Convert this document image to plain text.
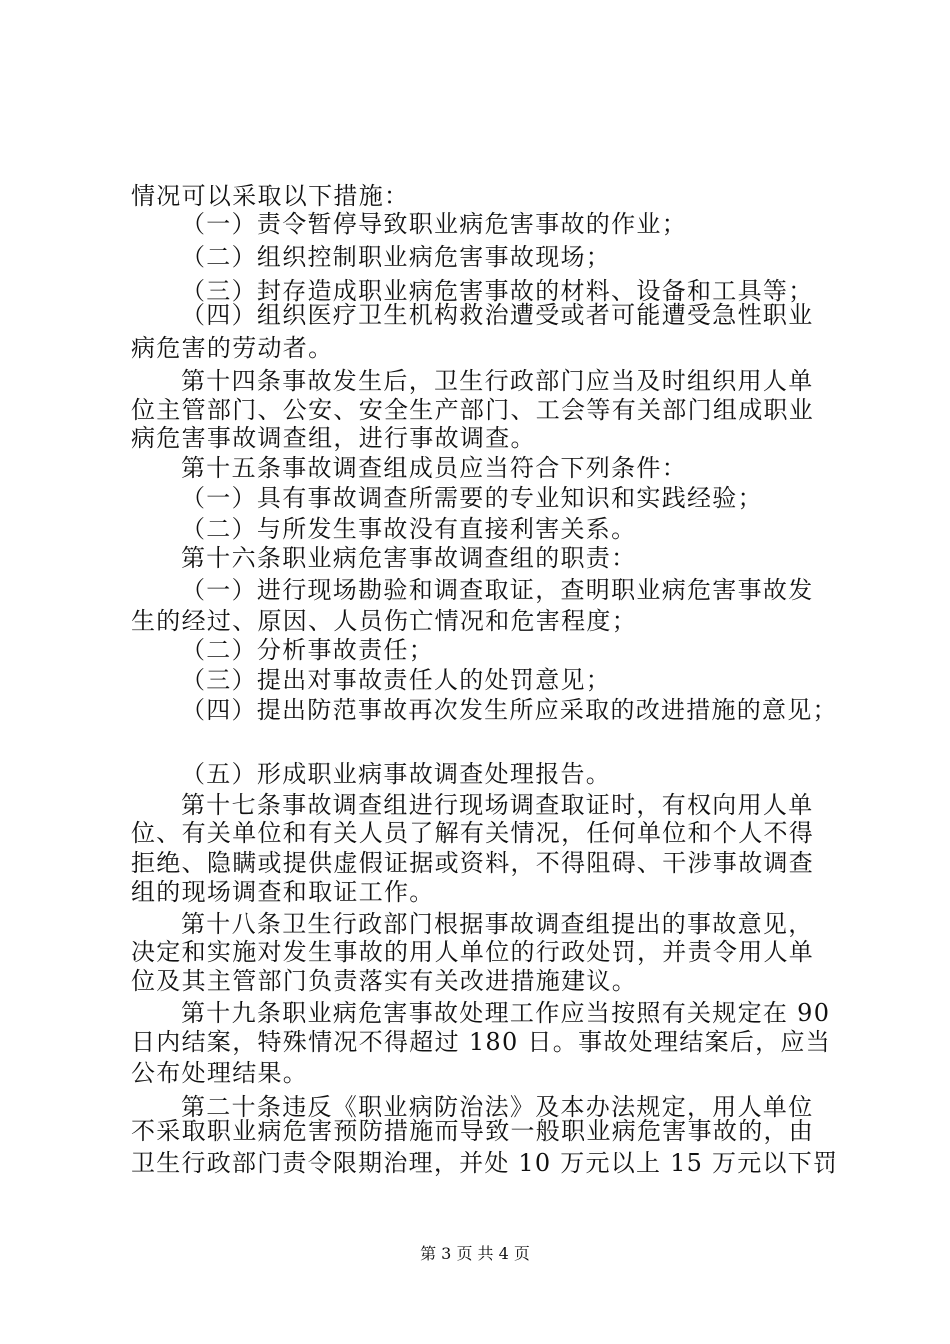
情况可以采取以下措施：
（一）责令暂停导致职业病危害事故的作业；
（二）组织控制职业病危害事故现场；
（三）封存造成职业病危害事故的材料、设备和工具等；
（四）组织医疗卫生机构救治遭受或者可能遭受急性职业
病危害的劳动者。
第十四条事故发生后，卫生行政部门应当及时组织用人单
位主管部门、公安、安全生产部门、工会等有关部门组成职业
病危害事故调查组，进行事故调查。
第十五条事故调查组成员应当符合下列条件：
（一）具有事故调查所需要的专业知识和实践经验；
（二）与所发生事故没有直接利害关系。
第十六条职业病危害事故调查组的职责：
（一）进行现场勘验和调查取证，查明职业病危害事故发
生的经过、原因、人员伤亡情况和危害程度；
（二）分析事故责任；
（三）提出对事故责任人的处罚意见；
（四）提出防范事故再次发生所应采取的改进措施的意见；
（五）形成职业病事故调查处理报告。
第十七条事故调查组进行现场调查取证时，有权向用人单
位、有关单位和有关人员了解有关情况，任何单位和个人不得
拒绝、隐瞒或提供虚假证据或资料，不得阻碍、干涉事故调查
组的现场调查和取证工作。
第十八条卫生行政部门根据事故调查组提出的事故意见，
决定和实施对发生事故的用人单位的行政处罚，并责令用人单
位及其主管部门负责落实有关改进措施建议。
第十九条职业病危害事故处理工作应当按照有关规定在 90
日内结案，特殊情况不得超过 180 日。事故处理结案后，应当
公布处理结果。
第二十条违反《职业病防治法》及本办法规定，用人单位
不采取职业病危害预防措施而导致一般职业病危害事故的，由
卫生行政部门责令限期治理，并处 10 万元以上 15 万元以下罚
第 3 页 共 4 页
